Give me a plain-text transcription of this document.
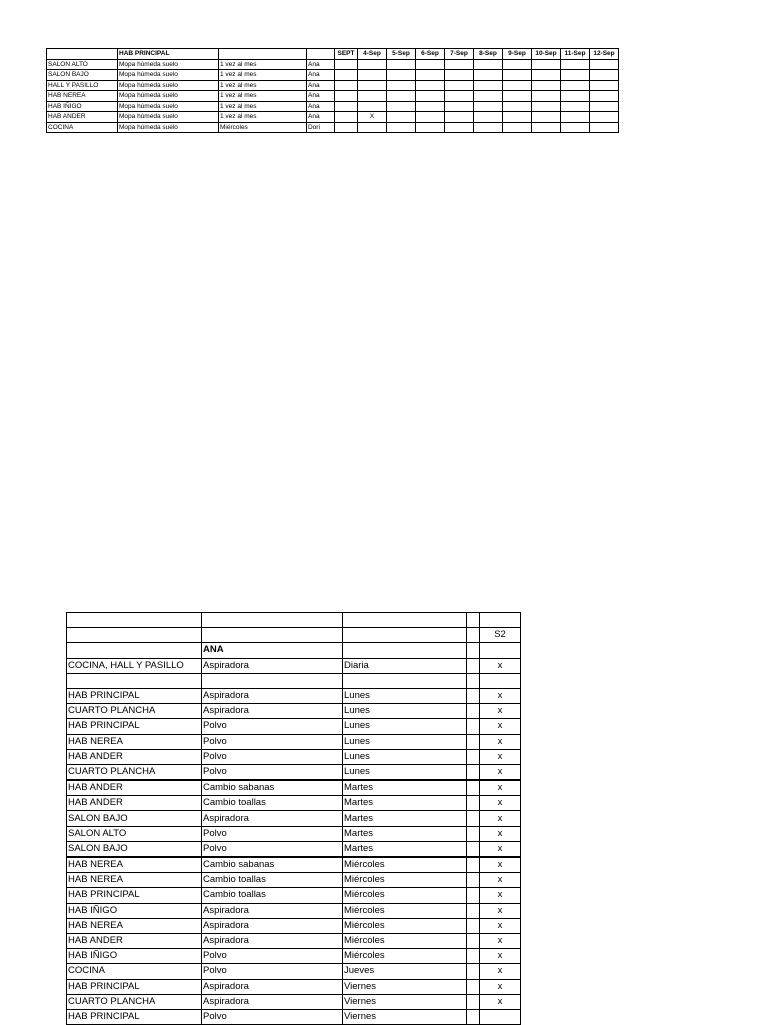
	HAB PRINCIPAL			SEPT	4-Sep	5-Sep	6-Sep	7-Sep	8-Sep	9-Sep	10-Sep	11-Sep	12-Sep
SALON ALTO	Mopa húmeda suelo	1 vez al mes	Ana										
SALON BAJO	Mopa húmeda suelo	1 vez al mes	Ana										
HALL Y PASILLO	Mopa húmeda suelo	1 vez al mes	Ana										
HAB NEREA	Mopa húmeda suelo	1 vez al mes	Ana										
HAB IÑIGO	Mopa húmeda suelo	1 vez al mes	Ana										
HAB ANDER	Mopa húmeda suelo	1 vez al mes	Ana		X								
COCINA	Mopa húmeda suelo	Miércoles	Dori										

				S2
	ANA			
COCINA, HALL Y PASILLO	Aspiradora	Diaria		x

HAB PRINCIPAL	Aspiradora	Lunes		x
CUARTO PLANCHA	Aspiradora	Lunes		x
HAB PRINCIPAL	Polvo	Lunes		x
HAB NEREA	Polvo	Lunes		x
HAB ANDER	Polvo	Lunes		x
CUARTO PLANCHA	Polvo	Lunes		x
HAB ANDER	Cambio sabanas	Martes		x
HAB ANDER	Cambio toallas	Martes		x
SALON BAJO	Aspiradora	Martes		x
SALON ALTO	Polvo	Martes		x
SALON BAJO	Polvo	Martes		x
HAB NEREA	Cambio sabanas	Miércoles		x
HAB NEREA	Cambio toallas	Miércoles		x
HAB PRINCIPAL	Cambio toallas	Miércoles		x
HAB IÑIGO	Aspiradora	Miércoles		x
HAB NEREA	Aspiradora	Miércoles		x
HAB ANDER	Aspiradora	Miércoles		x
HAB IÑIGO	Polvo	Miércoles		x
COCINA	Polvo	Jueves		x
HAB PRINCIPAL	Aspiradora	Viernes		x
CUARTO PLANCHA	Aspiradora	Viernes		x
HAB PRINCIPAL	Polvo	Viernes		
